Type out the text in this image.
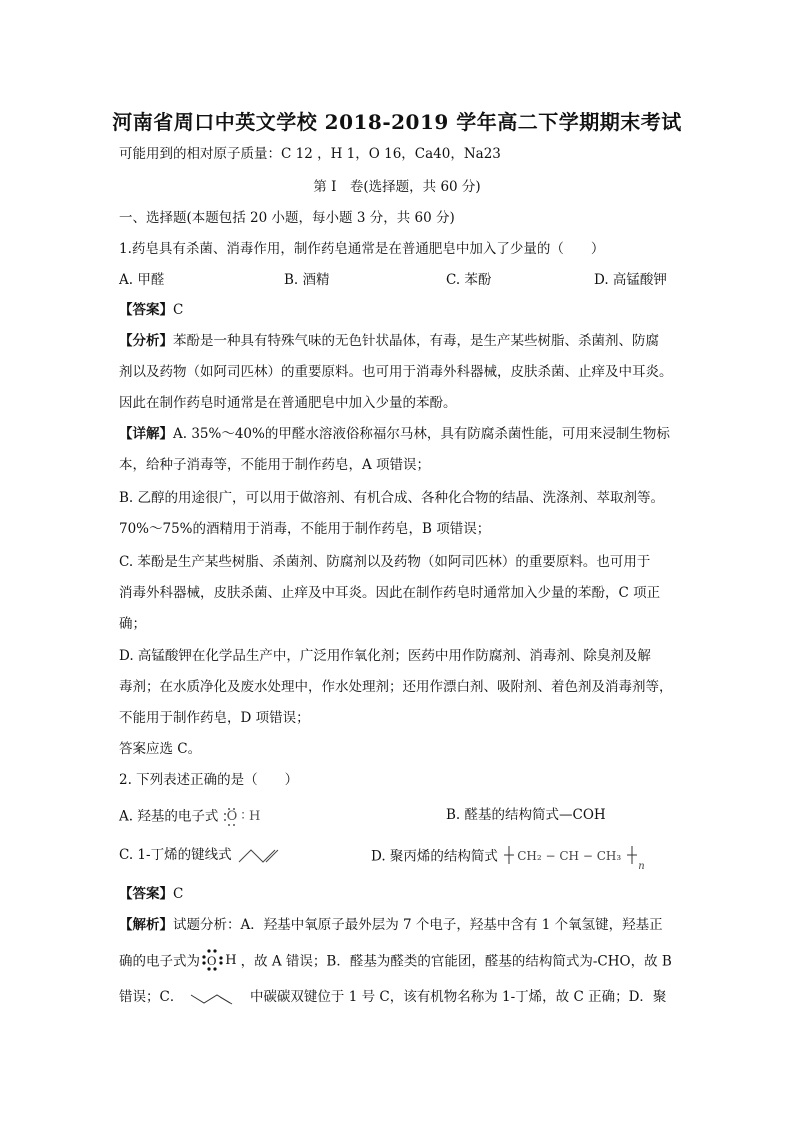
河南省周口中英文学校 2018-2019 学年高二下学期期末考试
可能用到的相对原子质量：C 12 ，H 1，O 16，Ca40，Na23
第 I　卷(选择题，共 60 分)
一、选择题(本题包括 20 小题，每小题 3 分，共 60 分)
1.药皂具有杀菌、消毒作用，制作药皂通常是在普通肥皂中加入了少量的（　　）
A. 甲醛	B. 酒精	C. 苯酚	D. 高锰酸钾
【答案】C
【分析】苯酚是一种具有特殊气味的无色针状晶体，有毒，是生产某些树脂、杀菌剂、防腐
剂以及药物（如阿司匹林）的重要原料。也可用于消毒外科器械，皮肤杀菌、止痒及中耳炎。
因此在制作药皂时通常是在普通肥皂中加入少量的苯酚。
【详解】A. 35%～40%的甲醛水溶液俗称福尔马林，具有防腐杀菌性能，可用来浸制生物标
本，给种子消毒等，不能用于制作药皂，A 项错误；
B. 乙醇的用途很广，可以用于做溶剂、有机合成、各种化合物的结晶、洗涤剂、萃取剂等。
70%～75%的酒精用于消毒，不能用于制作药皂，B 项错误；
C. 苯酚是生产某些树脂、杀菌剂、防腐剂以及药物（如阿司匹林）的重要原料。也可用于
消毒外科器械，皮肤杀菌、止痒及中耳炎。因此在制作药皂时通常加入少量的苯酚，C 项正
确；
D. 高锰酸钾在化学品生产中，广泛用作氧化剂；医药中用作防腐剂、消毒剂、除臭剂及解
毒剂；在水质净化及废水处理中，作水处理剂；还用作漂白剂、吸附剂、着色剂及消毒剂等，
不能用于制作药皂，D 项错误；
答案应选 C。
2. 下列表述正确的是（　　）
A. 羟基的电子式 O ∶ H	B. 醛基的结构简式—COH
C. 1-丁烯的键线式	D. 聚丙烯的结构简式 CH₂ − CH − CH₃
n
【答案】C
【解析】试题分析：A．羟基中氧原子最外层为 7 个电子，羟基中含有 1 个氧氢键，羟基正
确的电子式为 O H ，故 A 错误；B．醛基为醛类的官能团，醛基的结构简式为-CHO，故 B
错误；C．	中碳碳双键位于 1 号 C，该有机物名称为 1-丁烯，故 C 正确；D．聚
